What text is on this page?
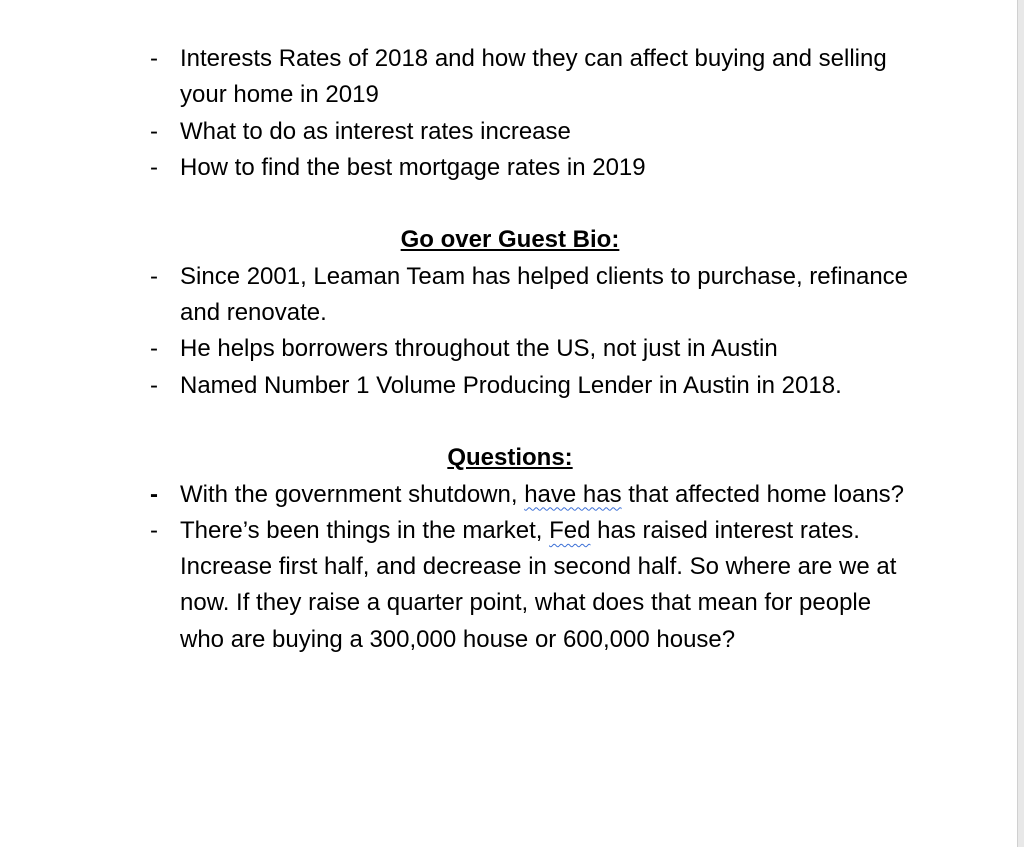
- Interests Rates of 2018 and how they can affect buying and selling your home in 2019
- What to do as interest rates increase
- How to find the best mortgage rates in 2019
Go over Guest Bio:
- Since 2001, Leaman Team has helped clients to purchase, refinance and renovate.
- He helps borrowers throughout the US, not just in Austin
- Named Number 1 Volume Producing Lender in Austin in 2018.
Questions:
- With the government shutdown, have has that affected home loans?
- There’s been things in the market, Fed has raised interest rates. Increase first half, and decrease in second half. So where are we at now. If they raise a quarter point, what does that mean for people who are buying a 300,000 house or 600,000 house?
